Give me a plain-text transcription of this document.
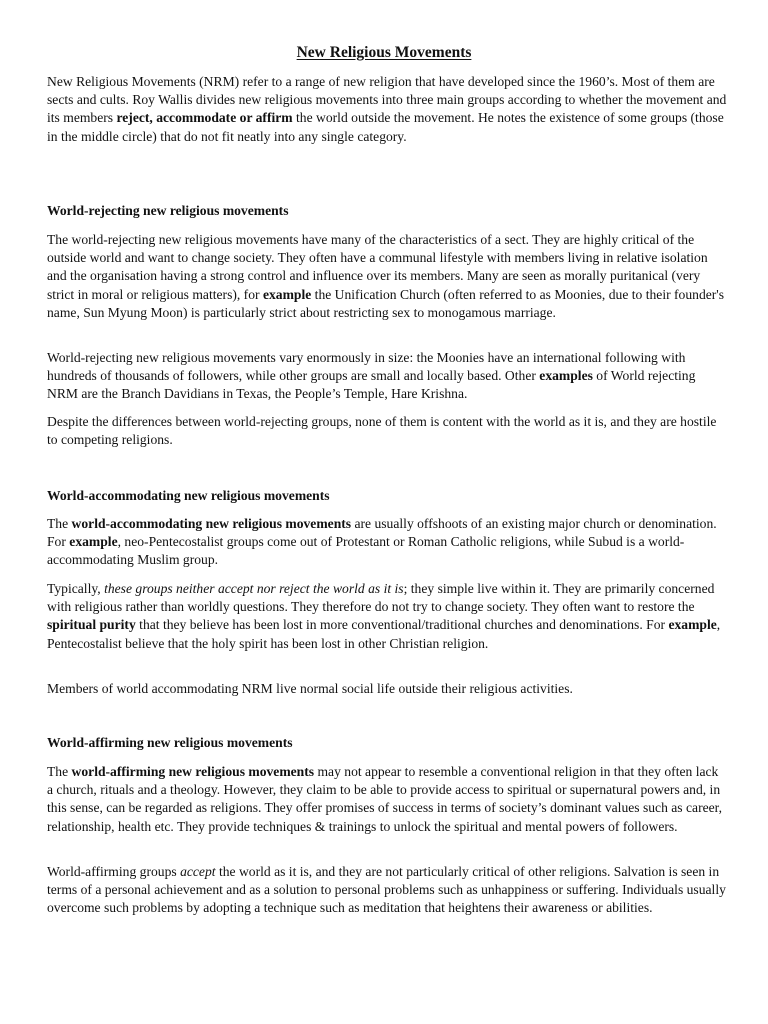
New Religious Movements

New Religious Movements (NRM) refer to a range of new religion that have developed since the 1960’s. Most of them are sects and cults. Roy Wallis divides new religious movements into three main groups according to whether the movement and its members reject, accommodate or affirm the world outside the movement. He notes the existence of some groups (those in the middle circle) that do not fit neatly into any single category.

World-rejecting new religious movements

The world-rejecting new religious movements have many of the characteristics of a sect. They are highly critical of the outside world and want to change society. They often have a communal lifestyle with members living in relative isolation and the organisation having a strong control and influence over its members. Many are seen as morally puritanical (very strict in moral or religious matters), for example the Unification Church (often referred to as Moonies, due to their founder's name, Sun Myung Moon) is particularly strict about restricting sex to monogamous marriage.

World-rejecting new religious movements vary enormously in size: the Moonies have an international following with hundreds of thousands of followers, while other groups are small and locally based. Other examples of World rejecting NRM are the Branch Davidians in Texas, the People’s Temple, Hare Krishna.

Despite the differences between world-rejecting groups, none of them is content with the world as it is, and they are hostile to competing religions.

World-accommodating new religious movements

The world-accommodating new religious movements are usually offshoots of an existing major church or denomination. For example, neo-Pentecostalist groups come out of Protestant or Roman Catholic religions, while Subud is a world-accommodating Muslim group.

Typically, these groups neither accept nor reject the world as it is; they simple live within it. They are primarily concerned with religious rather than worldly questions. They therefore do not try to change society. They often want to restore the spiritual purity that they believe has been lost in more conventional/traditional churches and denominations. For example, Pentecostalist believe that the holy spirit has been lost in other Christian religion.

Members of world accommodating NRM live normal social life outside their religious activities.

World-affirming new religious movements

The world-affirming new religious movements may not appear to resemble a conventional religion in that they often lack a church, rituals and a theology. However, they claim to be able to provide access to spiritual or supernatural powers and, in this sense, can be regarded as religions. They offer promises of success in terms of society’s dominant values such as career, relationship, health etc. They provide techniques & trainings to unlock the spiritual and mental powers of followers.

World-affirming groups accept the world as it is, and they are not particularly critical of other religions. Salvation is seen in terms of a personal achievement and as a solution to personal problems such as unhappiness or suffering. Individuals usually overcome such problems by adopting a technique such as meditation that heightens their awareness or abilities.
